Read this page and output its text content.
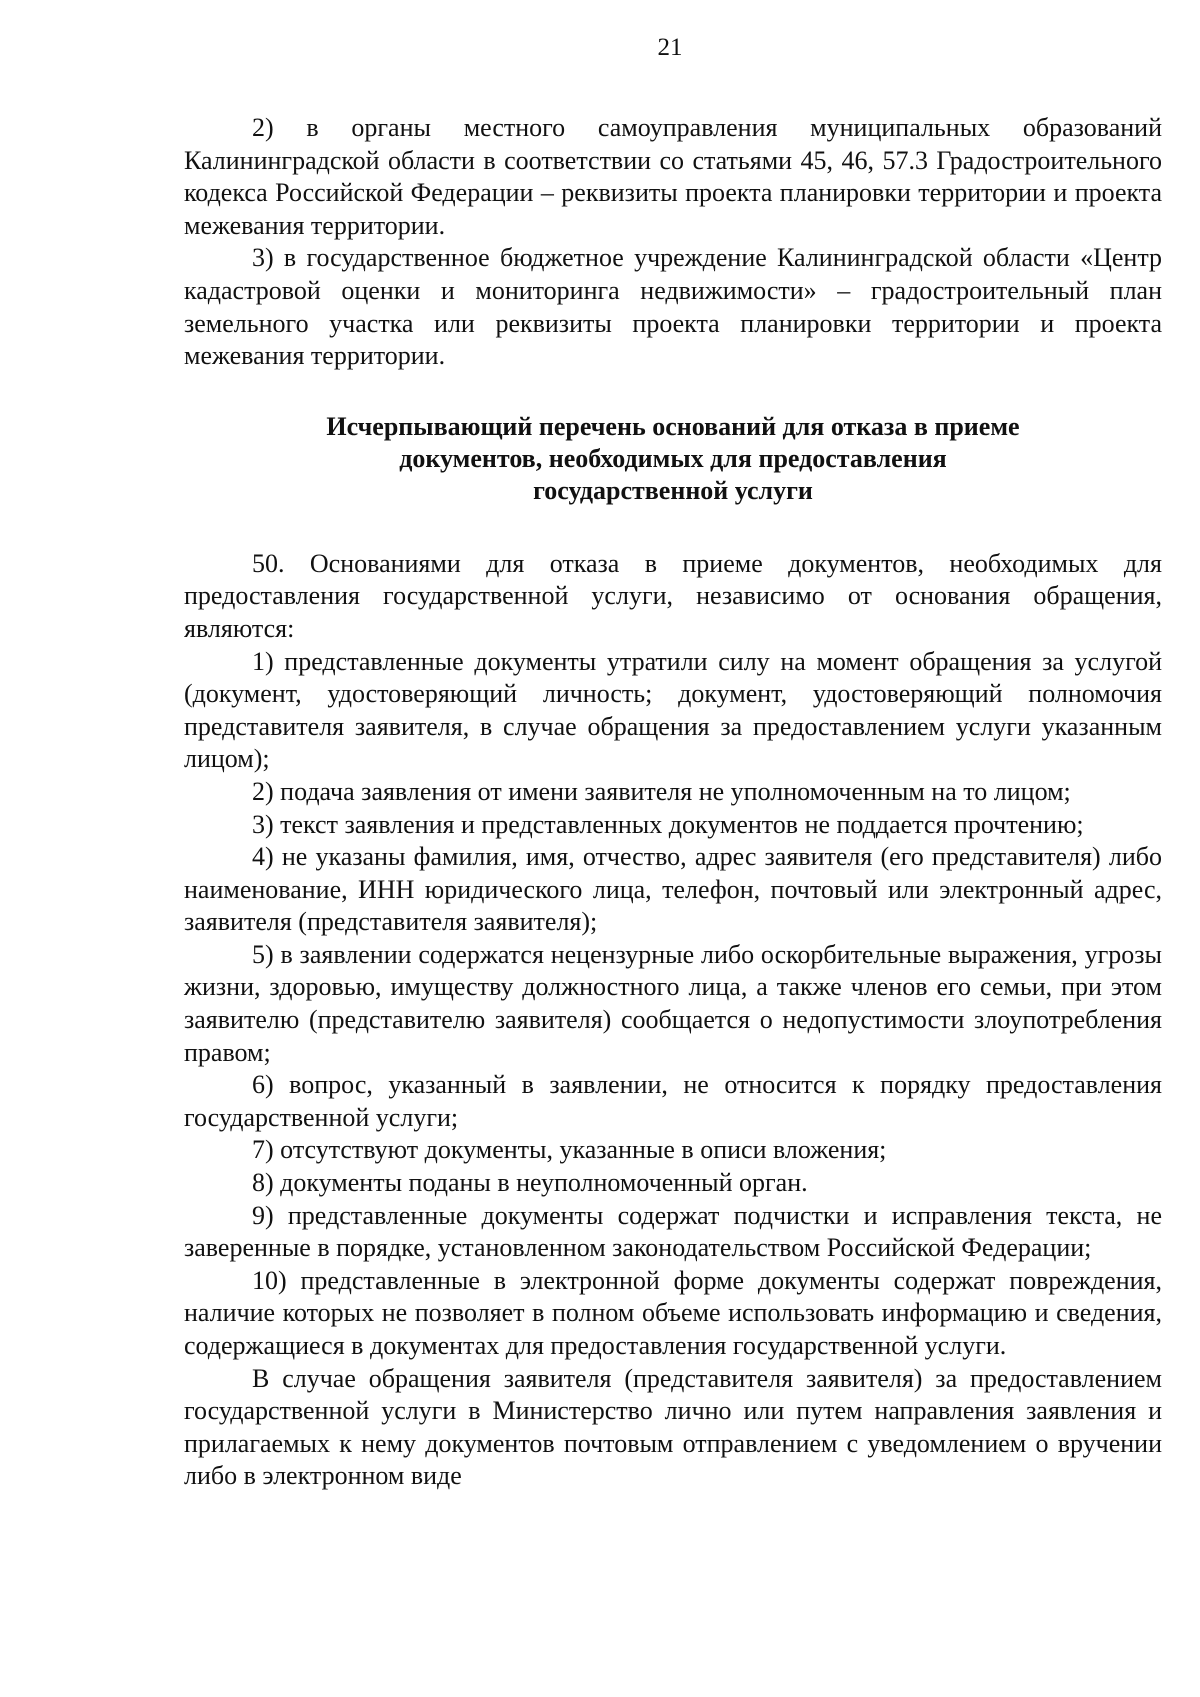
21

2) в органы местного самоуправления муниципальных образований Калининградской области в соответствии со статьями 45, 46, 57.3 Градостроительного кодекса Российской Федерации – реквизиты проекта планировки территории и проекта межевания территории.

3) в государственное бюджетное учреждение Калининградской области «Центр кадастровой оценки и мониторинга недвижимости» – градостроительный план земельного участка или реквизиты проекта планировки территории и проекта межевания территории.

Исчерпывающий перечень оснований для отказа в приеме
документов, необходимых для предоставления
государственной услуги

50. Основаниями для отказа в приеме документов, необходимых для предоставления государственной услуги, независимо от основания обращения, являются:

1) представленные документы утратили силу на момент обращения за услугой (документ, удостоверяющий личность; документ, удостоверяющий полномочия представителя заявителя, в случае обращения за предоставлением услуги указанным лицом);

2) подача заявления от имени заявителя не уполномоченным на то лицом;

3) текст заявления и представленных документов не поддается прочтению;

4) не указаны фамилия, имя, отчество, адрес заявителя (его представителя) либо наименование, ИНН юридического лица, телефон, почтовый или электронный адрес, заявителя (представителя заявителя);

5) в заявлении содержатся нецензурные либо оскорбительные выражения, угрозы жизни, здоровью, имуществу должностного лица, а также членов его семьи, при этом заявителю (представителю заявителя) сообщается о недопустимости злоупотребления правом;

6) вопрос, указанный в заявлении, не относится к порядку предоставления государственной услуги;

7) отсутствуют документы, указанные в описи вложения;

8) документы поданы в неуполномоченный орган.

9) представленные документы содержат подчистки и исправления текста, не заверенные в порядке, установленном законодательством Российской Федерации;

10) представленные в электронной форме документы содержат повреждения, наличие которых не позволяет в полном объеме использовать информацию и сведения, содержащиеся в документах для предоставления государственной услуги.

В случае обращения заявителя (представителя заявителя) за предоставлением государственной услуги в Министерство лично или путем направления заявления и прилагаемых к нему документов почтовым отправлением с уведомлением о вручении либо в электронном виде
